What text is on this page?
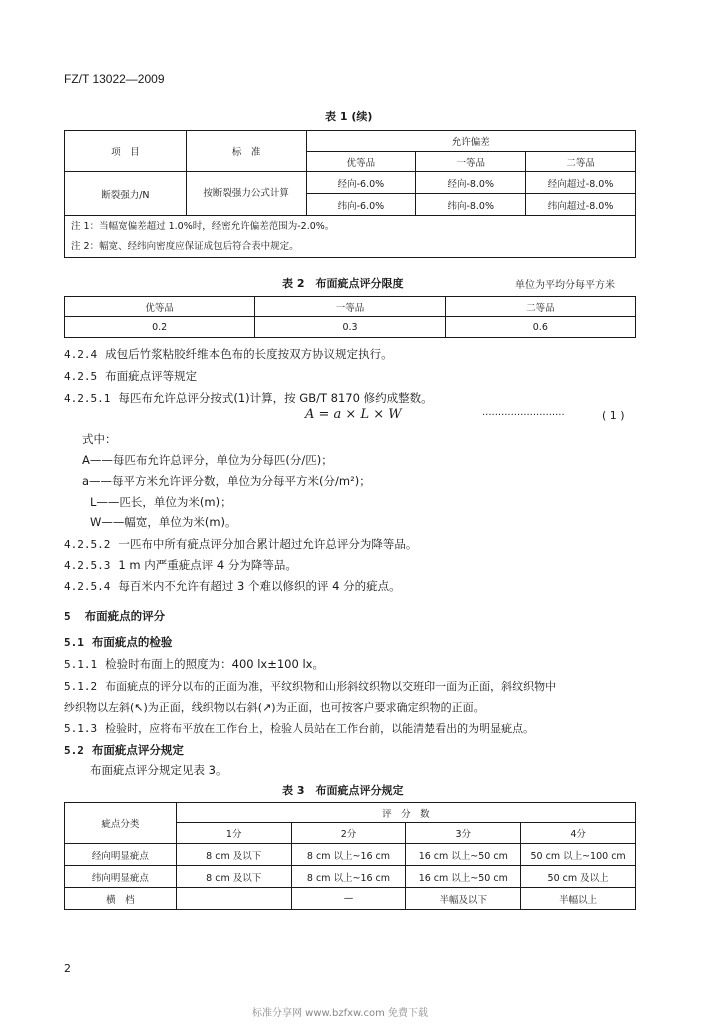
FZ/T 13022—2009
表 1 (续)
项　目	标　准	允许偏差		
		优等品	一等品	二等品
断裂强力/N	按断裂强力公式计算	经向-6.0%	经向-8.0%	经向超过-8.0%
		纬向-6.0%	纬向-8.0%	纬向超过-8.0%

注 1：当幅宽偏差超过 1.0%时，经密允许偏差范围为-2.0%。
注 2：幅宽、经纬向密度应保证成包后符合表中规定。				
表 2　布面疵点评分限度	单位为平均分每平方米
优等品	一等品	二等品
0.2	0.3	0.6
4.2.4 成包后竹浆粘胶纤维本色布的长度按双方协议规定执行。
4.2.5 布面疵点评等规定
4.2.5.1 每匹布允许总评分按式(1)计算，按 GB/T 8170 修约成整数。
A = a × L × W	··························	( 1 )
式中：
A——每匹布允许总评分，单位为分每匹(分/匹)；
a——每平方米允许评分数，单位为分每平方米(分/m²)；
L——匹长，单位为米(m)；
W——幅宽，单位为米(m)。
4.2.5.2 一匹布中所有疵点评分加合累计超过允许总评分为降等品。
4.2.5.3 1 m 内严重疵点评 4 分为降等品。
4.2.5.4 每百米内不允许有超过 3 个难以修织的评 4 分的疵点。
5 布面疵点的评分
5.1 布面疵点的检验
5.1.1 检验时布面上的照度为：400 lx±100 lx。
5.1.2 布面疵点的评分以布的正面为准，平纹织物和山形斜纹织物以交班印一面为正面，斜纹织物中
纱织物以左斜(↖)为正面，线织物以右斜(↗)为正面，也可按客户要求确定织物的正面。
5.1.3 检验时，应将布平放在工作台上，检验人员站在工作台前，以能清楚看出的为明显疵点。
5.2 布面疵点评分规定
布面疵点评分规定见表 3。
表 3　布面疵点评分规定
疵点分类	评　分　数			
	1分	2分	3分	4分
经向明显疵点	8 cm 及以下	8 cm 以上~16 cm	16 cm 以上~50 cm	50 cm 以上~100 cm
纬向明显疵点	8 cm 及以下	8 cm 以上~16 cm	16 cm 以上~50 cm	50 cm 及以上
横　档		—	半幅及以下	半幅以上
2
标准分享网 www.bzfxw.com 免费下载
